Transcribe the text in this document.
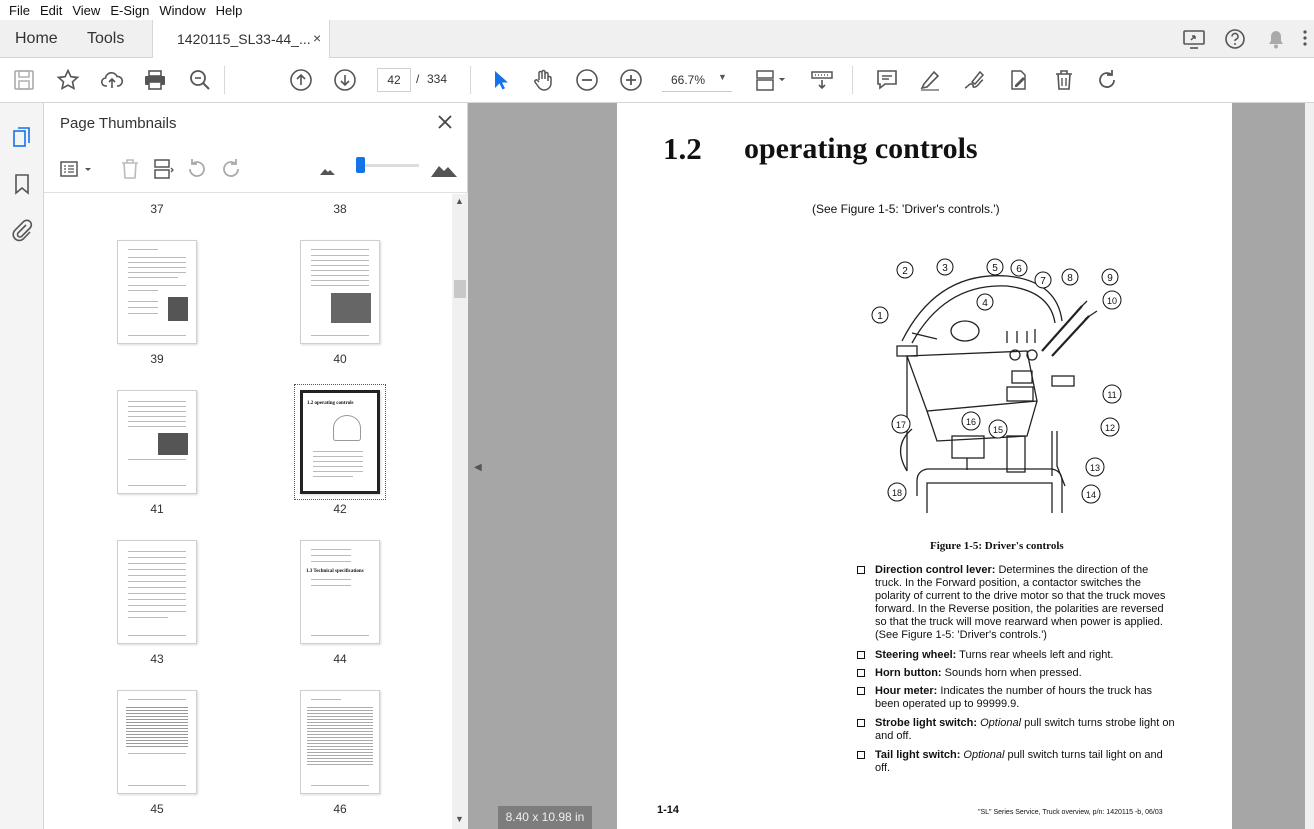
File Edit View E-Sign Window Help
Home Tools	1420115_SL33-44_... ×
42	/ 334	66.7% ▼
Page Thumbnails
37	38
39	40
41
1.2 operating controls
42
43
1.3 Technical specifications
44
45	46
▲
▼
◀
1.2 operating controls
(See Figure 1-5: 'Driver's controls.')
1
2	3
4
5 6
7 8	9
10
11
12
13
14
15
16
17
18
Figure 1-5: Driver's controls
Direction control lever: Determines the direction of the truck. In the Forward position, a contactor switches the polarity of current to the drive motor so that the truck moves forward. In the Reverse position, the polarities are reversed so that the truck will move rearward when power is applied. (See Figure 1-5: 'Driver's controls.')
Steering wheel: Turns rear wheels left and right.
Horn button: Sounds horn when pressed.
Hour meter: Indicates the number of hours the truck has been operated up to 99999.9.
Strobe light switch: Optional pull switch turns strobe light on and off.
Tail light switch: Optional pull switch turns tail light on and off.
1-14	"SL" Series Service, Truck overview, p/n: 1420115 -b, 06/03
8.40 x 10.98 in
